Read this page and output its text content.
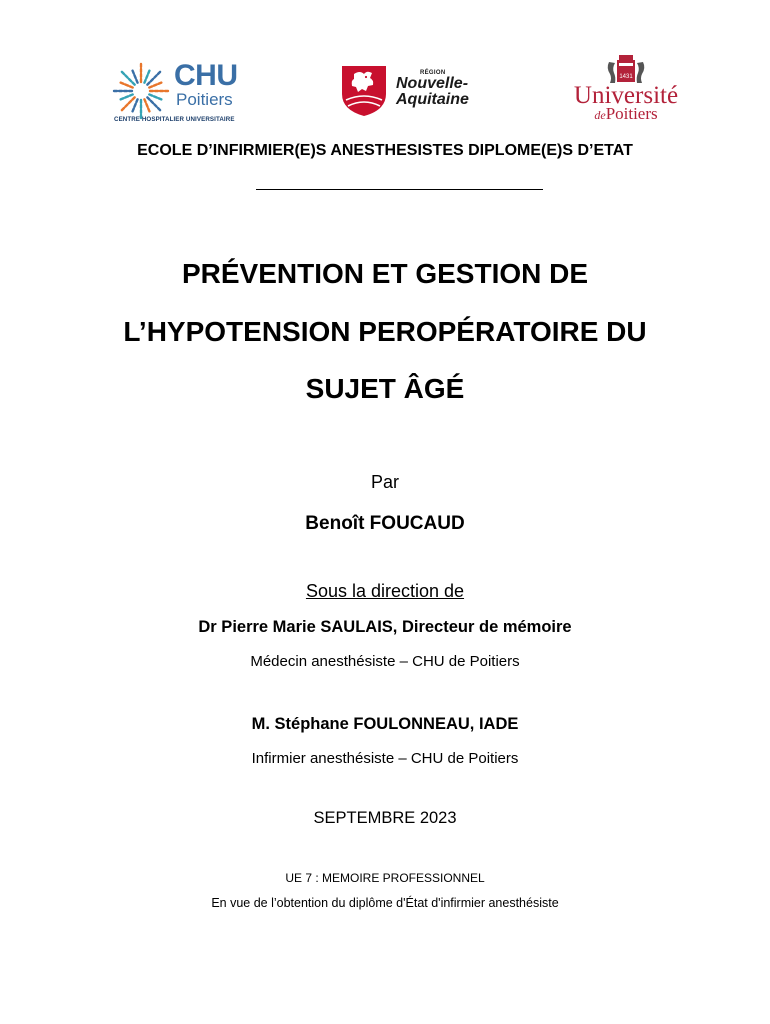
CHU
Poitiers
CENTRE HOSPITALIER UNIVERSITAIRE
RÉGION
Nouvelle-
Aquitaine
1431
Université
dePoitiers
ECOLE D’INFIRMIER(E)S ANESTHESISTES DIPLOME(E)S D’ETAT
PRÉVENTION ET GESTION DE
L’HYPOTENSION PEROPÉRATOIRE DU
SUJET ÂGÉ
Par
Benoît FOUCAUD
Sous la direction de
Dr Pierre Marie SAULAIS, Directeur de mémoire
Médecin anesthésiste – CHU de Poitiers
M. Stéphane FOULONNEAU, IADE
Infirmier anesthésiste – CHU de Poitiers
SEPTEMBRE 2023
UE 7 : MEMOIRE PROFESSIONNEL
En vue de l’obtention du diplôme d'État d'infirmier anesthésiste
